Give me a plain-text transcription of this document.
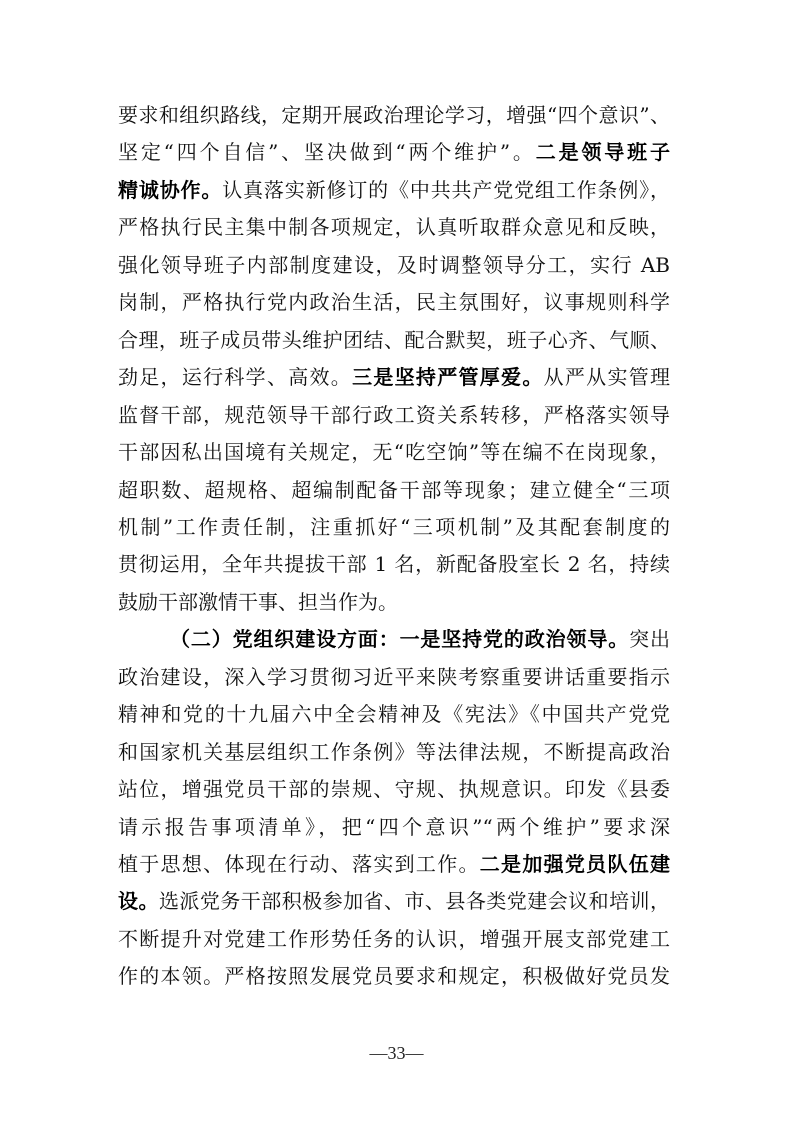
要求和组织路线，定期开展政治理论学习，增强“四个意识”、
坚定“四个自信”、坚决做到“两个维护”。二是领导班子
精诚协作。认真落实新修订的《中共共产党党组工作条例》，
严格执行民主集中制各项规定，认真听取群众意见和反映，
强化领导班子内部制度建设，及时调整领导分工，实行 AB
岗制，严格执行党内政治生活，民主氛围好，议事规则科学
合理，班子成员带头维护团结、配合默契，班子心齐、气顺、
劲足，运行科学、高效。三是坚持严管厚爱。从严从实管理
监督干部，规范领导干部行政工资关系转移，严格落实领导
干部因私出国境有关规定，无“吃空饷”等在编不在岗现象，
超职数、超规格、超编制配备干部等现象；建立健全“三项
机制”工作责任制，注重抓好“三项机制”及其配套制度的
贯彻运用，全年共提拔干部 1 名，新配备股室长 2 名，持续
鼓励干部激情干事、担当作为。
（二）党组织建设方面：一是坚持党的政治领导。突出
政治建设，深入学习贯彻习近平来陕考察重要讲话重要指示
精神和党的十九届六中全会精神及《宪法》《中国共产党党
和国家机关基层组织工作条例》等法律法规，不断提高政治
站位，增强党员干部的崇规、守规、执规意识。印发《县委
请示报告事项清单》，把“四个意识”“两个维护”要求深
植于思想、体现在行动、落实到工作。二是加强党员队伍建
设。选派党务干部积极参加省、市、县各类党建会议和培训，
不断提升对党建工作形势任务的认识，增强开展支部党建工
作的本领。严格按照发展党员要求和规定，积极做好党员发
—33—
